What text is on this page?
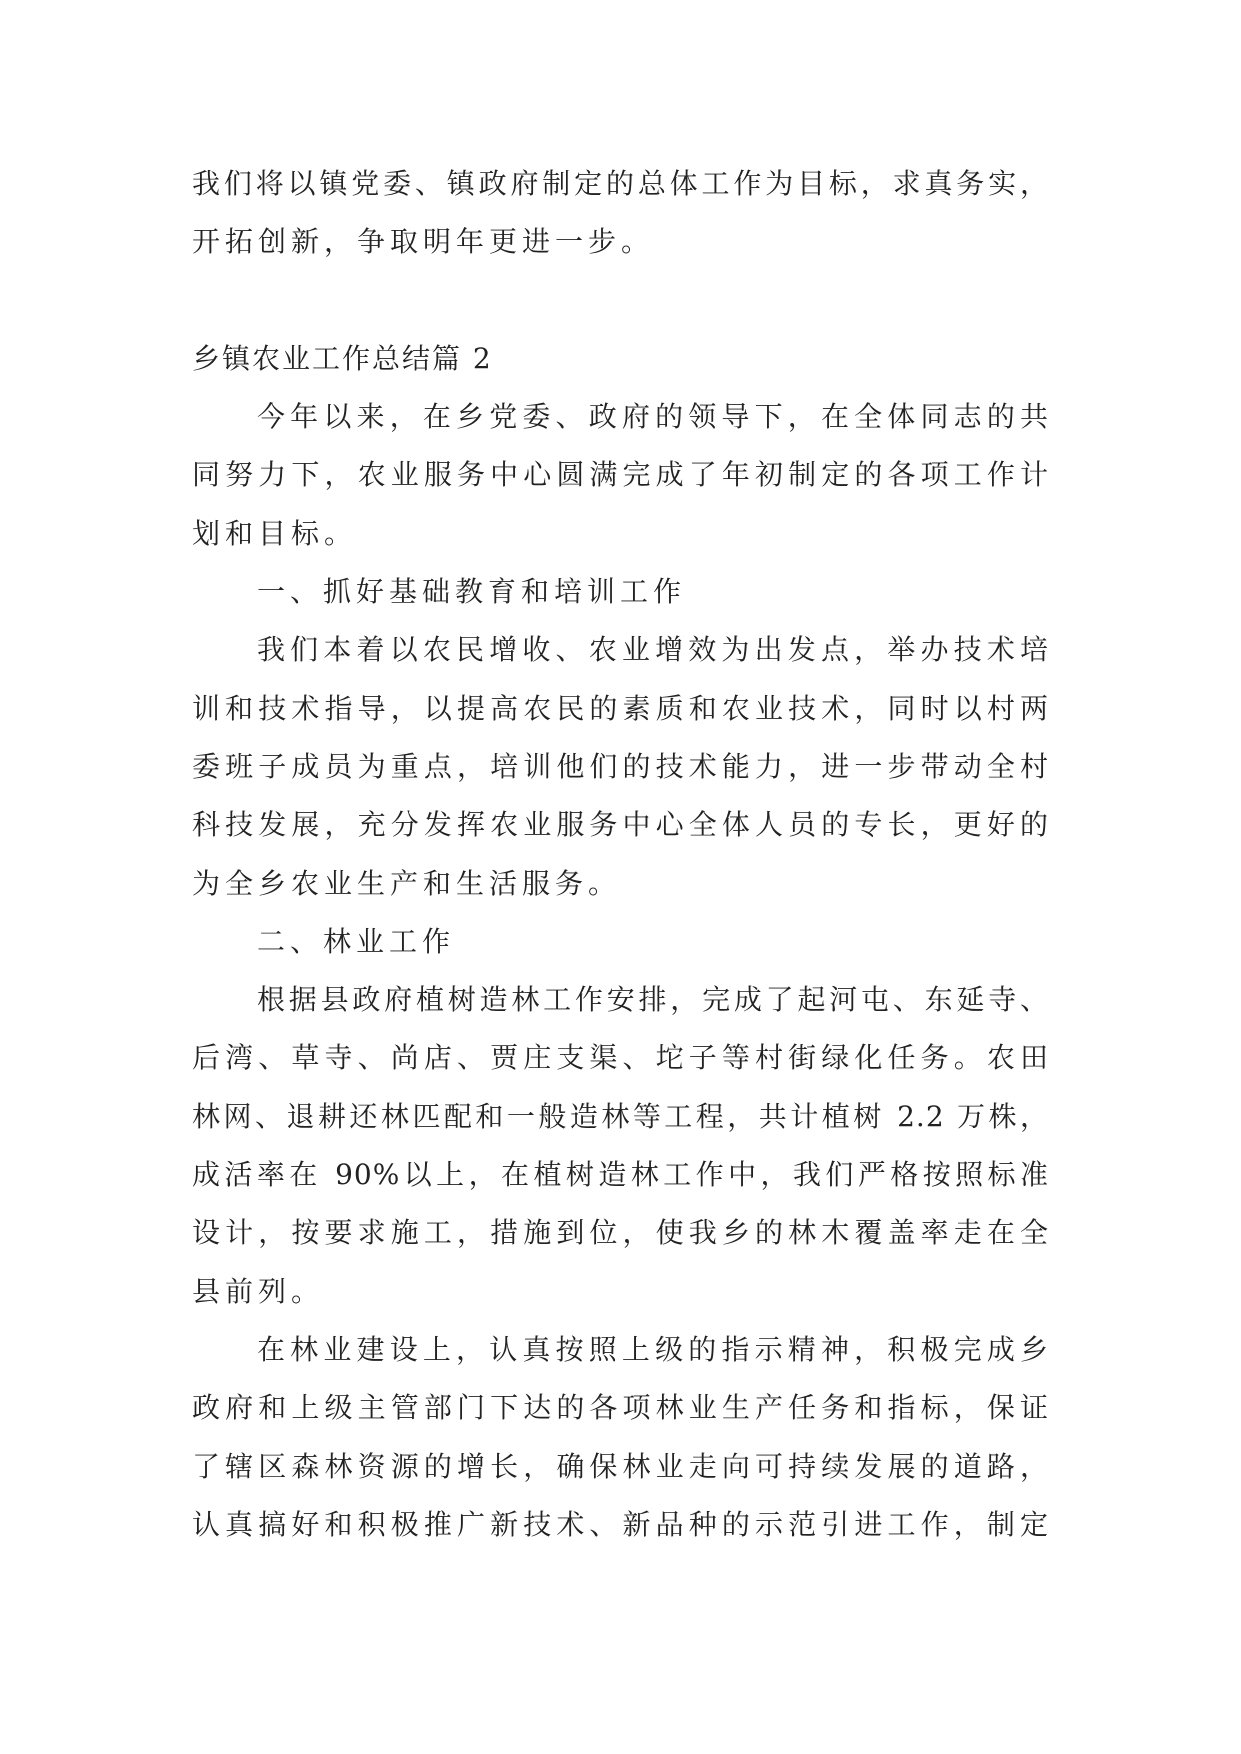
我们将以镇党委、镇政府制定的总体工作为目标，求真务实，
开拓创新，争取明年更进一步。
乡镇农业工作总结篇 2
今年以来，在乡党委、政府的领导下，在全体同志的共
同努力下，农业服务中心圆满完成了年初制定的各项工作计
划和目标。
一、抓好基础教育和培训工作
我们本着以农民增收、农业增效为出发点，举办技术培
训和技术指导，以提高农民的素质和农业技术，同时以村两
委班子成员为重点，培训他们的技术能力，进一步带动全村
科技发展，充分发挥农业服务中心全体人员的专长，更好的
为全乡农业生产和生活服务。
二、林业工作
根据县政府植树造林工作安排，完成了起河屯、东延寺、
后湾、草寺、尚店、贾庄支渠、坨子等村街绿化任务。农田
林网、退耕还林匹配和一般造林等工程，共计植树 2.2 万株，
成活率在 90%以上，在植树造林工作中，我们严格按照标准
设计，按要求施工，措施到位，使我乡的林木覆盖率走在全
县前列。
在林业建设上，认真按照上级的指示精神，积极完成乡
政府和上级主管部门下达的各项林业生产任务和指标，保证
了辖区森林资源的增长，确保林业走向可持续发展的道路，
认真搞好和积极推广新技术、新品种的示范引进工作，制定
